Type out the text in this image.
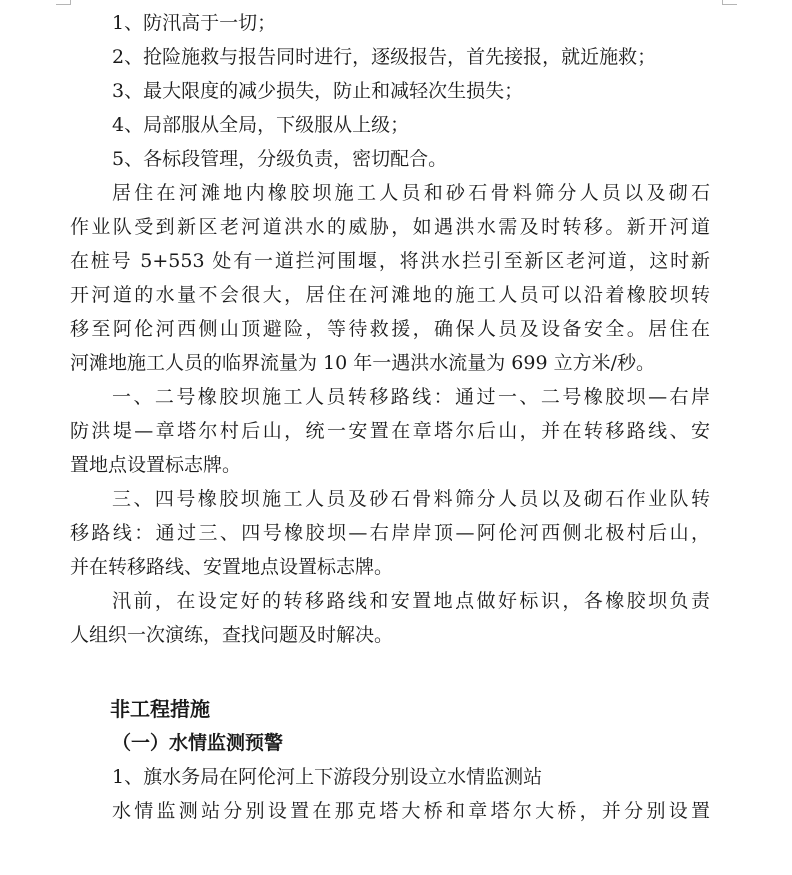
1、防汛高于一切；
2、抢险施救与报告同时进行，逐级报告，首先接报，就近施救；
3、最大限度的减少损失，防止和减轻次生损失；
4、局部服从全局，下级服从上级；
5、各标段管理，分级负责，密切配合。
居住在河滩地内橡胶坝施工人员和砂石骨料筛分人员以及砌石
作业队受到新区老河道洪水的威胁，如遇洪水需及时转移。新开河道
在桩号 5+553 处有一道拦河围堰，将洪水拦引至新区老河道，这时新
开河道的水量不会很大，居住在河滩地的施工人员可以沿着橡胶坝转
移至阿伦河西侧山顶避险，等待救援，确保人员及设备安全。居住在
河滩地施工人员的临界流量为 10 年一遇洪水流量为 699 立方米/秒。
一、二号橡胶坝施工人员转移路线：通过一、二号橡胶坝—右岸
防洪堤—章塔尔村后山，统一安置在章塔尔后山，并在转移路线、安
置地点设置标志牌。
三、四号橡胶坝施工人员及砂石骨料筛分人员以及砌石作业队转
移路线：通过三、四号橡胶坝—右岸岸顶—阿伦河西侧北极村后山，
并在转移路线、安置地点设置标志牌。
汛前，在设定好的转移路线和安置地点做好标识，各橡胶坝负责
人组织一次演练，查找问题及时解决。
非工程措施
（一）水情监测预警
1、旗水务局在阿伦河上下游段分别设立水情监测站
水情监测站分别设置在那克塔大桥和章塔尔大桥，并分别设置
